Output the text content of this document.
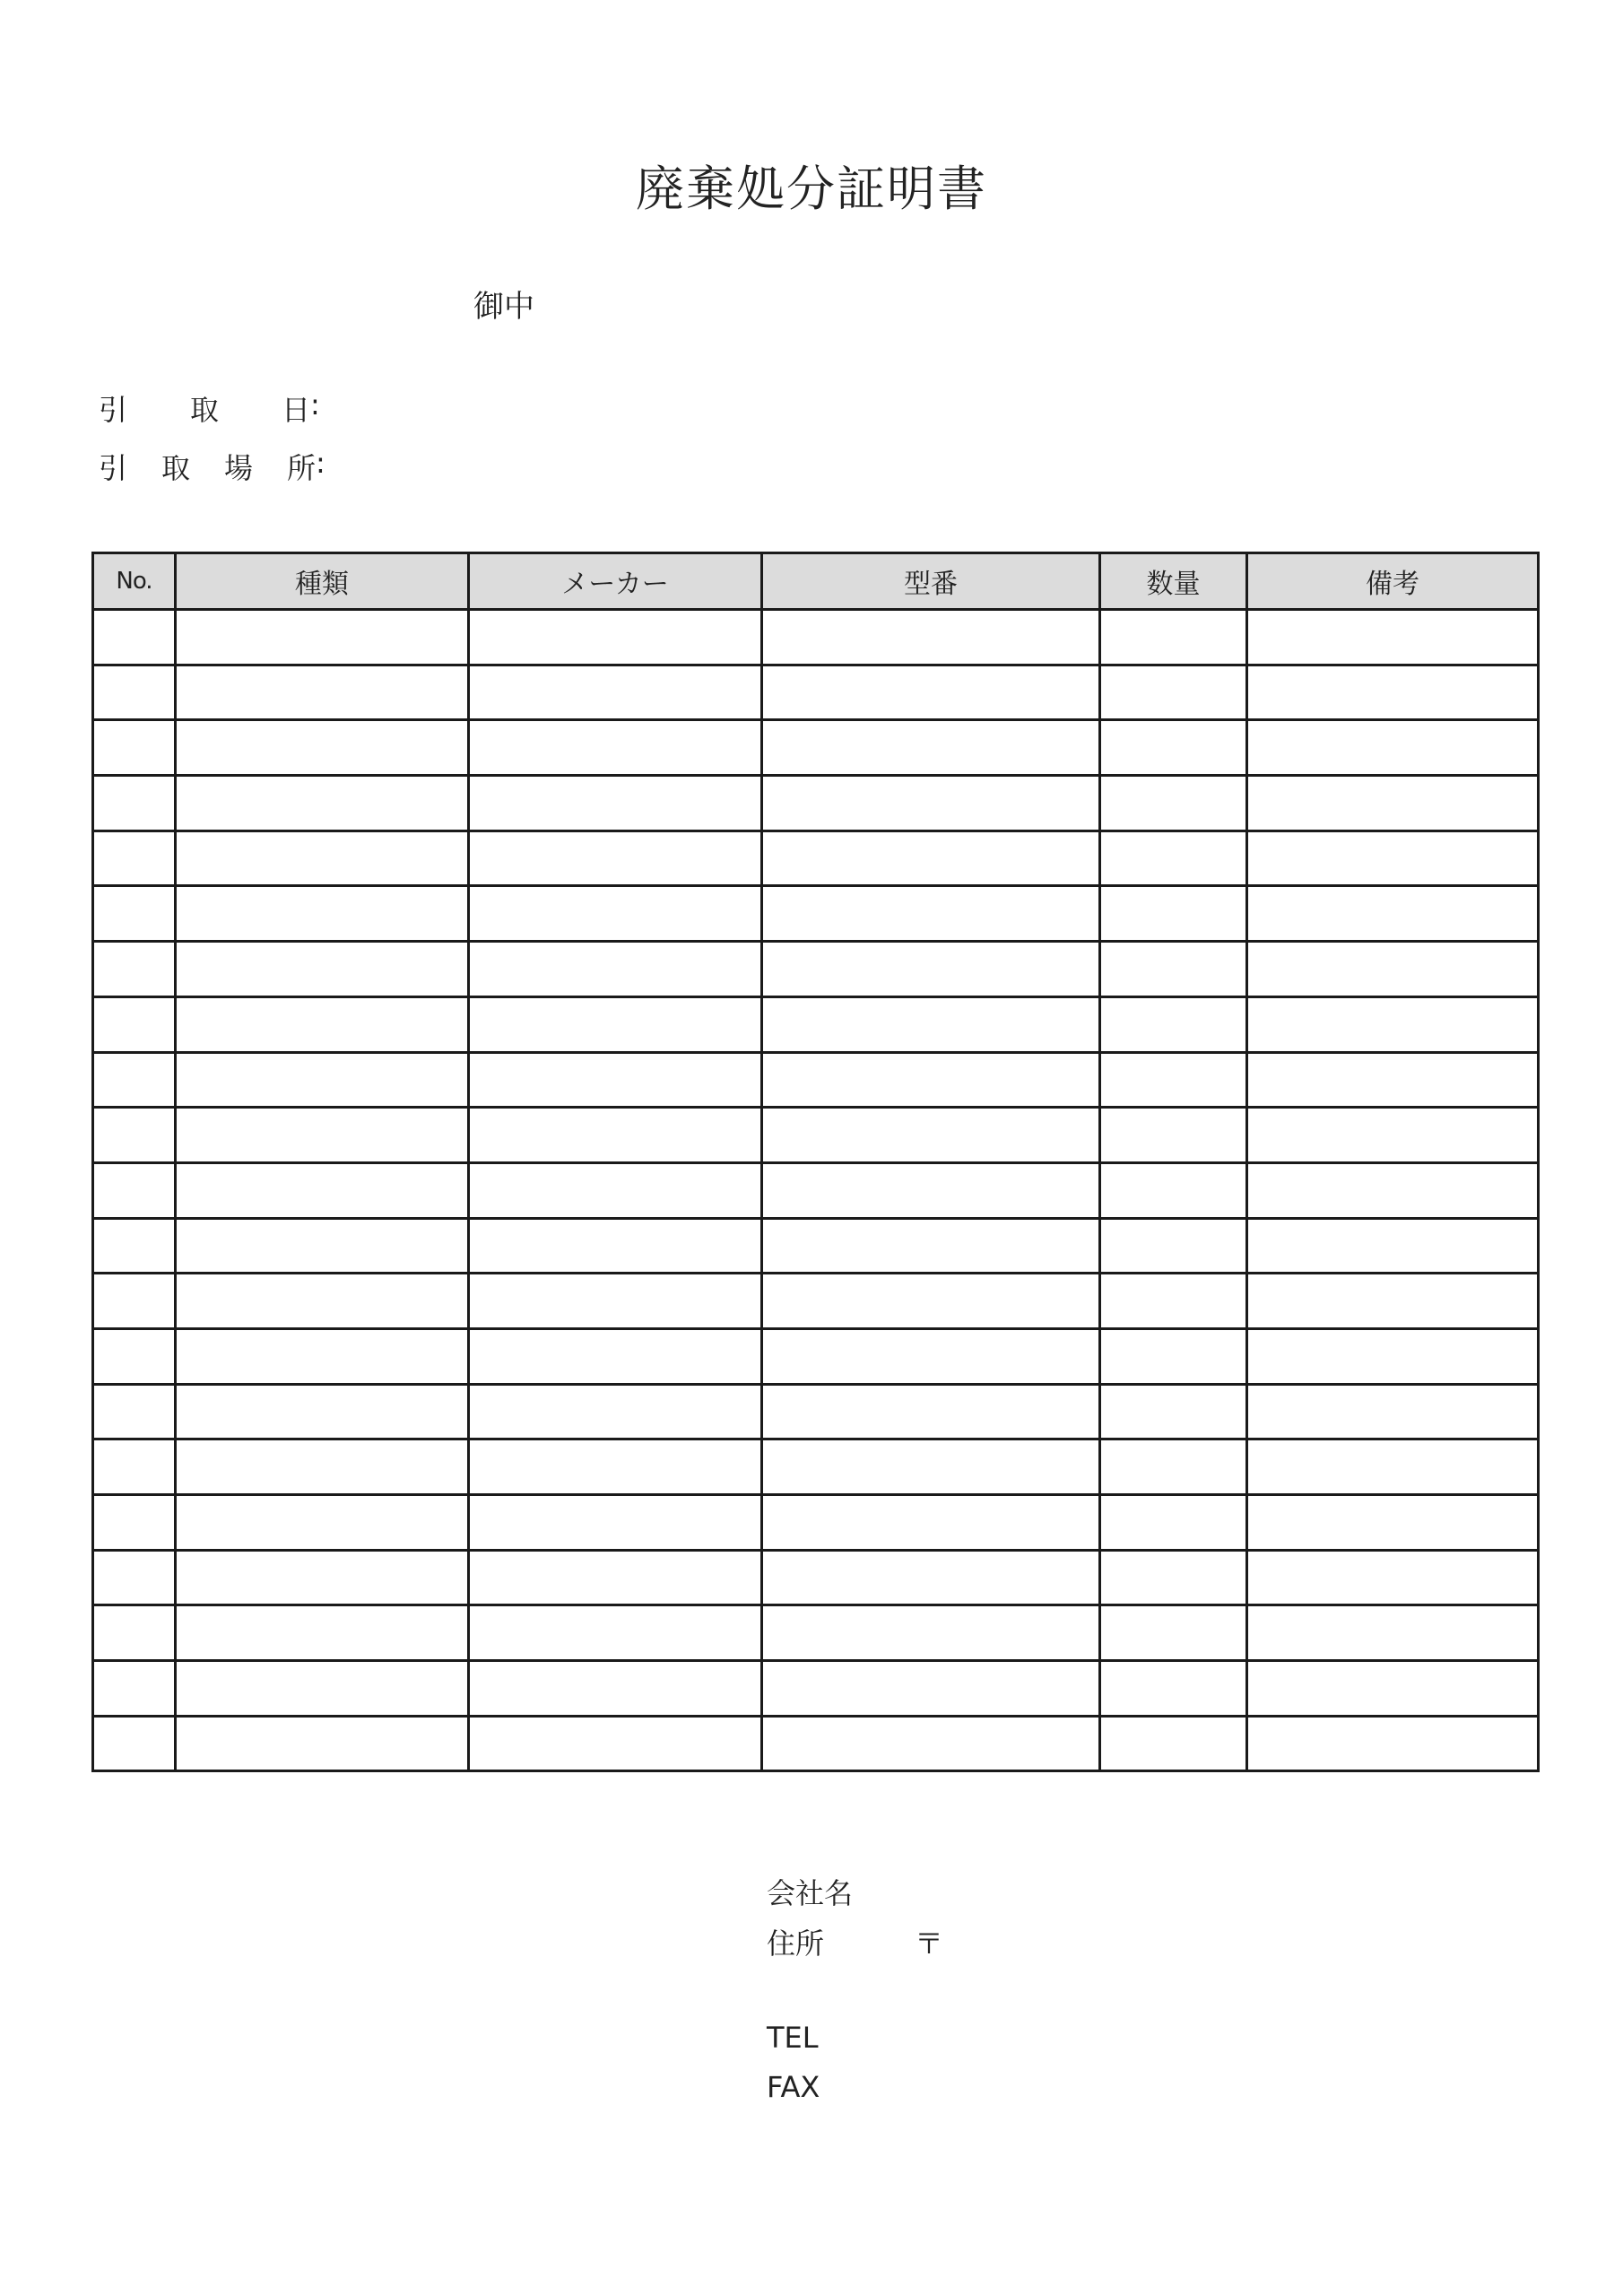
廃棄処分証明書
御中
引	取	日 :
引	取	場	所 :
No.	種類	メーカー	型番	数量	備考

会社名
住所	〒
TEL
FAX
